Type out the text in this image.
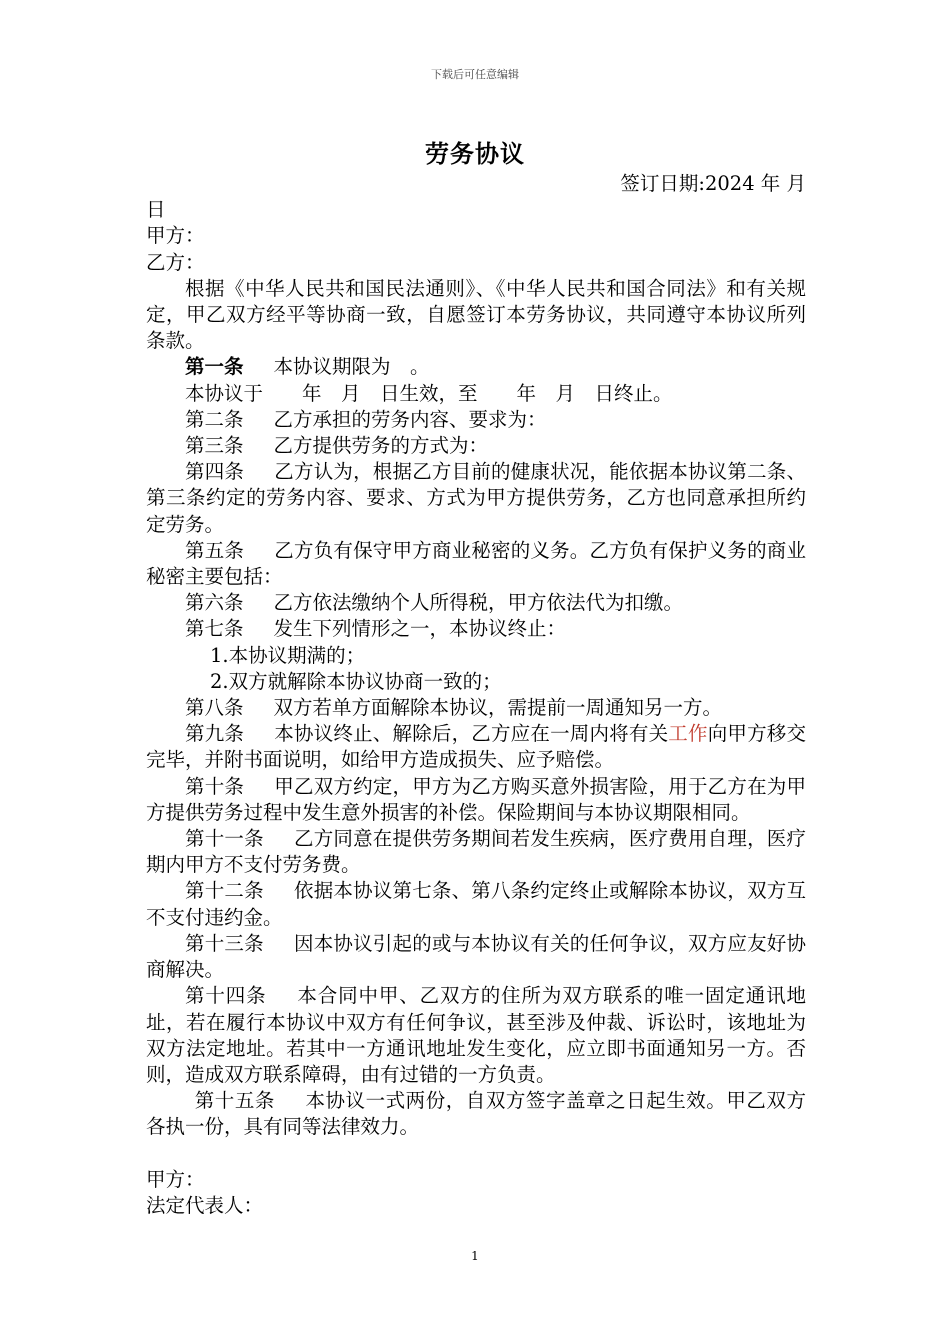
下载后可任意编辑
劳务协议

签订日期:2024 年 月

日

甲方：

乙方：

根据《中华人民共和国民法通则》、《中华人民共和国合同法》和有关规定，甲乙双方经平等协商一致，自愿签订本劳务协议，共同遵守本协议所列条款。

第一条 本协议期限为　。

本协议于　　年　月　日生效，至　　年　月　日终止。

第二条 乙方承担的劳务内容、要求为：

第三条 乙方提供劳务的方式为：

第四条 乙方认为，根据乙方目前的健康状况，能依据本协议第二条、第三条约定的劳务内容、要求、方式为甲方提供劳务，乙方也同意承担所约定劳务。

第五条 乙方负有保守甲方商业秘密的义务。乙方负有保护义务的商业秘密主要包括：

第六条 乙方依法缴纳个人所得税，甲方依法代为扣缴。

第七条 发生下列情形之一，本协议终止：

1.本协议期满的；

2.双方就解除本协议协商一致的；

第八条 双方若单方面解除本协议，需提前一周通知另一方。

第九条 本协议终止、解除后，乙方应在一周内将有关工作向甲方移交完毕，并附书面说明，如给甲方造成损失、应予赔偿。

第十条 甲乙双方约定，甲方为乙方购买意外损害险，用于乙方在为甲方提供劳务过程中发生意外损害的补偿。保险期间与本协议期限相同。

第十一条 乙方同意在提供劳务期间若发生疾病，医疗费用自理，医疗期内甲方不支付劳务费。

第十二条 依据本协议第七条、第八条约定终止或解除本协议，双方互不支付违约金。

第十三条 因本协议引起的或与本协议有关的任何争议，双方应友好协商解决。

第十四条 本合同中甲、乙双方的住所为双方联系的唯一固定通讯地址，若在履行本协议中双方有任何争议，甚至涉及仲裁、诉讼时，该地址为双方法定地址。若其中一方通讯地址发生变化，应立即书面通知另一方。否则，造成双方联系障碍，由有过错的一方负责。

第十五条 本协议一式两份，自双方签字盖章之日起生效。甲乙双方各执一份，具有同等法律效力。

甲方：

法定代表人：

1
